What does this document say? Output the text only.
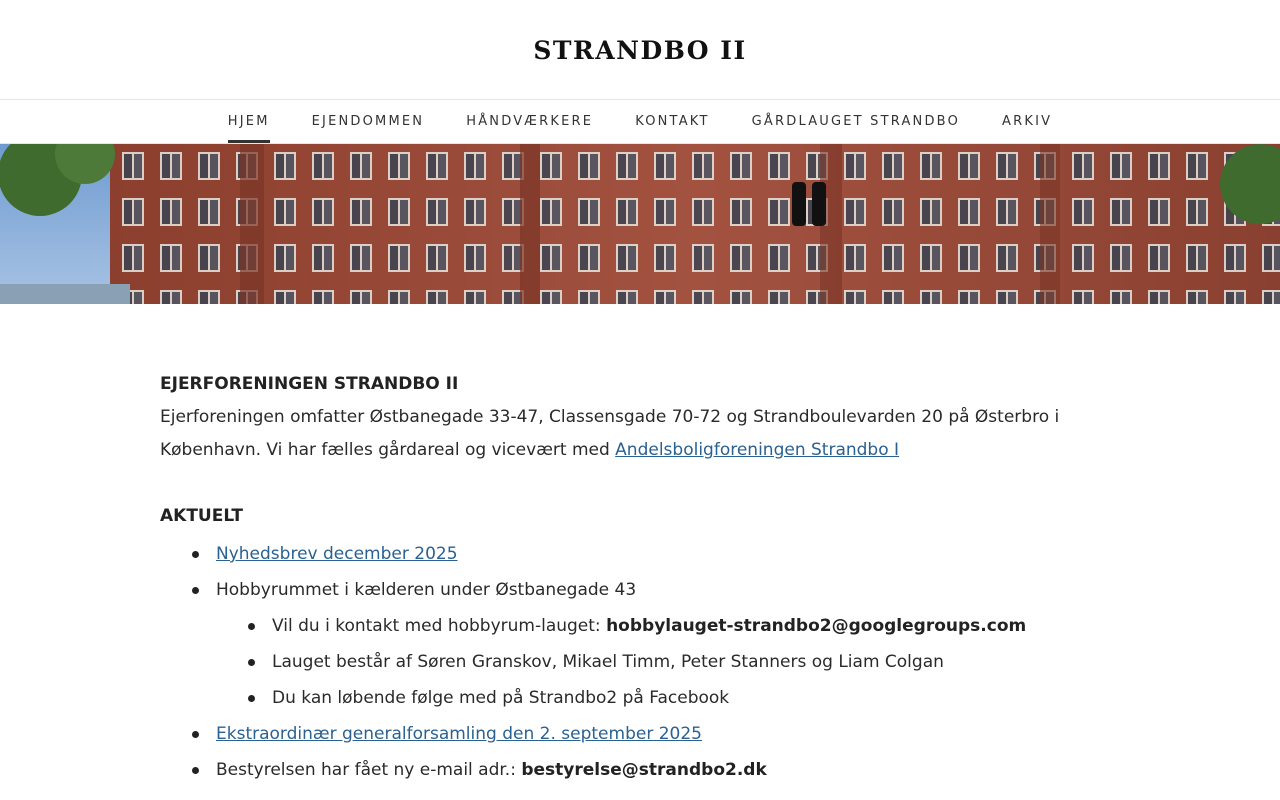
STRANDBO II
HJEM	EJENDOMMEN	HÅNDVÆRKERE	KONTAKT	GÅRDLAUGET STRANDBO	ARKIV
EJERFORENINGEN STRANDBO II

Ejerforeningen omfatter Østbanegade 33-47, Classensgade 70-72 og Strandboulevarden 20 på Østerbro i København. Vi har fælles gårdareal og vicevært med Andelsboligforeningen Strandbo I

AKTUELT
Nyhedsbrev december 2025
Hobbyrummet i kælderen under Østbanegade 43
Vil du i kontakt med hobbyrum-lauget: hobbylauget-strandbo2@googlegroups.com
Lauget består af Søren Granskov, Mikael Timm, Peter Stanners og Liam Colgan
Du kan løbende følge med på Strandbo2 på Facebook
Ekstraordinær generalforsamling den 2. september 2025
Bestyrelsen har fået ny e-mail adr.: bestyrelse@strandbo2.dk
